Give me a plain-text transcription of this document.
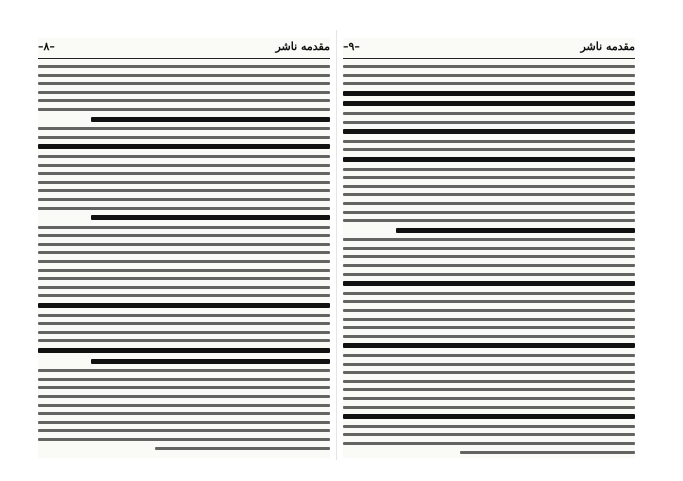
مقدمه ناشر
–۸–	مقدمه ناشر
–۹–
